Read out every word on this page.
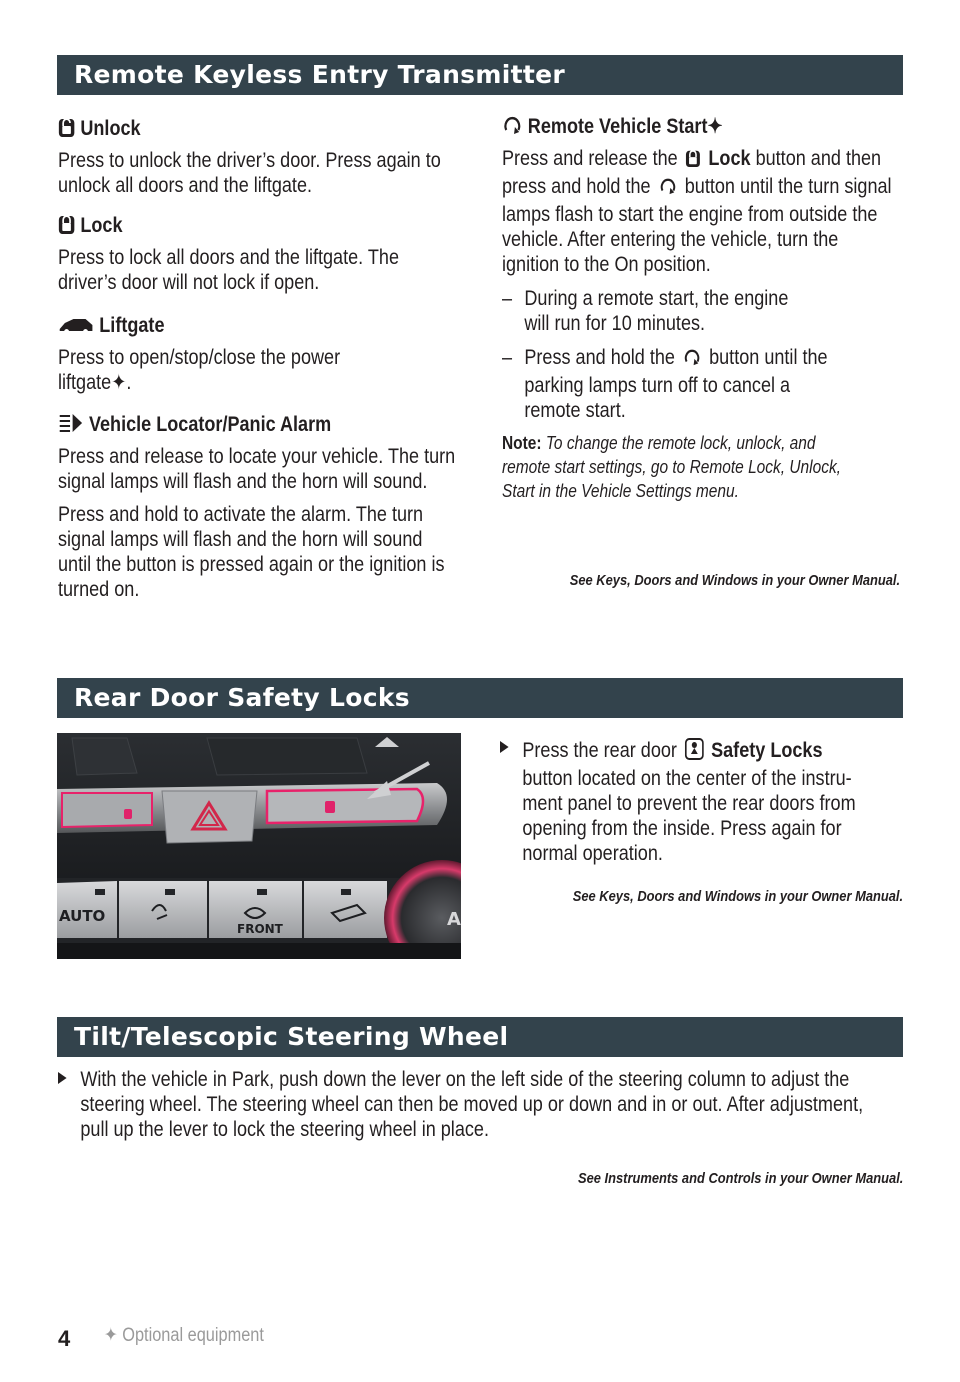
Remote Keyless Entry Transmitter
Unlock
Press to unlock the driver’s door. Press again to unlock all doors and the liftgate.
Lock
Press to lock all doors and the liftgate. The driver’s door will not lock if open.
Liftgate
Press to open/stop/close the power liftgate✦.
Vehicle Locator/Panic Alarm
Press and release to locate your vehicle. The turn signal lamps will flash and the horn will sound.
Press and hold to activate the alarm. The turn signal lamps will flash and the horn will sound until the button is pressed again or the ignition is turned on.
Remote Vehicle Start✦
Press and release the Lock button and then press and hold the button until the turn signal lamps flash to start the engine from outside the vehicle. After entering the vehicle, turn the ignition to the On position.
– During a remote start, the engine will run for 10 minutes.
– Press and hold the button until the parking lamps turn off to cancel a remote start.
Note: To change the remote lock, unlock, and remote start settings, go to Remote Lock, Unlock, Start in the Vehicle Settings menu.
See Keys, Doors and Windows in your Owner Manual.
Rear Door Safety Locks
AUTO
FRONT	A
Press the rear door Safety Locks button located on the center of the instru-ment panel to prevent the rear doors from opening from the inside. Press again for normal operation.
See Keys, Doors and Windows in your Owner Manual.
Tilt/Telescopic Steering Wheel
With the vehicle in Park, push down the lever on the left side of the steering column to adjust the steering wheel. The steering wheel can then be moved up or down and in or out. After adjustment, pull up the lever to lock the steering wheel in place.
See Instruments and Controls in your Owner Manual.
4 ✦ Optional equipment
